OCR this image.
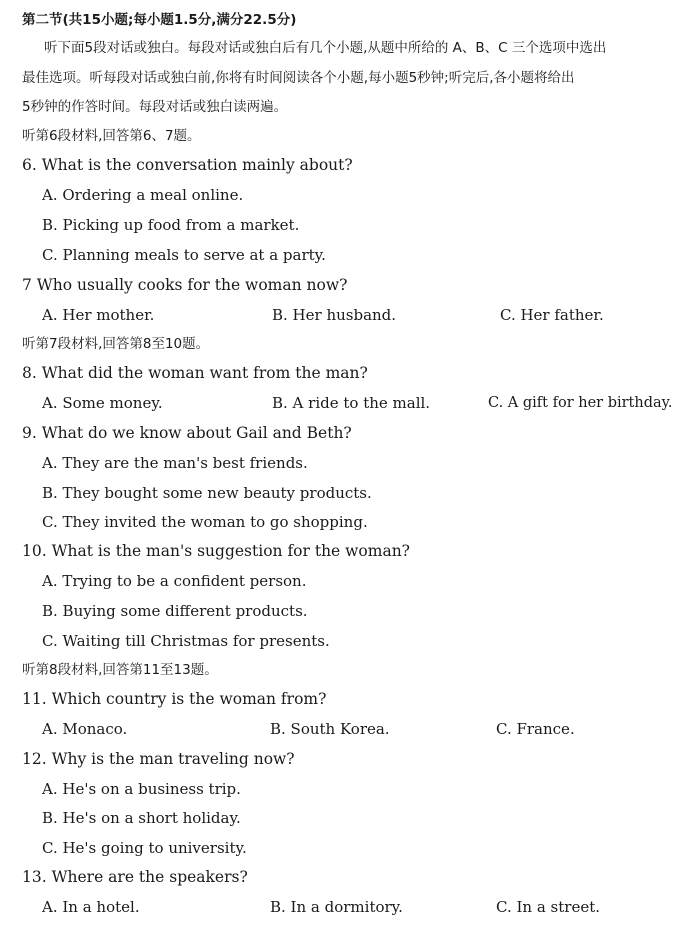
第二节(共15小题;每小题1.5分,满分22.5分)
听下面5段对话或独白。每段对话或独白后有几个小题,从题中所给的 A、B、C 三个选项中选出
最佳选项。听每段对话或独白前,你将有时间阅读各个小题,每小题5秒钟;听完后,各小题将给出
5秒钟的作答时间。每段对话或独白读两遍。
听第6段材料,回答第6、7题。
6. What is the conversation mainly about?
A. Ordering a meal online.
B. Picking up food from a market.
C. Planning meals to serve at a party.
7 Who usually cooks for the woman now?
A. Her mother.	B. Her husband.	C. Her father.
听第7段材料,回答第8至10题。
8. What did the woman want from the man?
A. Some money.	B. A ride to the mall.	C. A gift for her birthday.
9. What do we know about Gail and Beth?
A. They are the man's best friends.
B. They bought some new beauty products.
C. They invited the woman to go shopping.
10. What is the man's suggestion for the woman?
A. Trying to be a confident person.
B. Buying some different products.
C. Waiting till Christmas for presents.
听第8段材料,回答第11至13题。
11. Which country is the woman from?
A. Monaco.	B. South Korea.	C. France.
12. Why is the man traveling now?
A. He's on a business trip.
B. He's on a short holiday.
C. He's going to university.
13. Where are the speakers?
A. In a hotel.	B. In a dormitory.	C. In a street.
